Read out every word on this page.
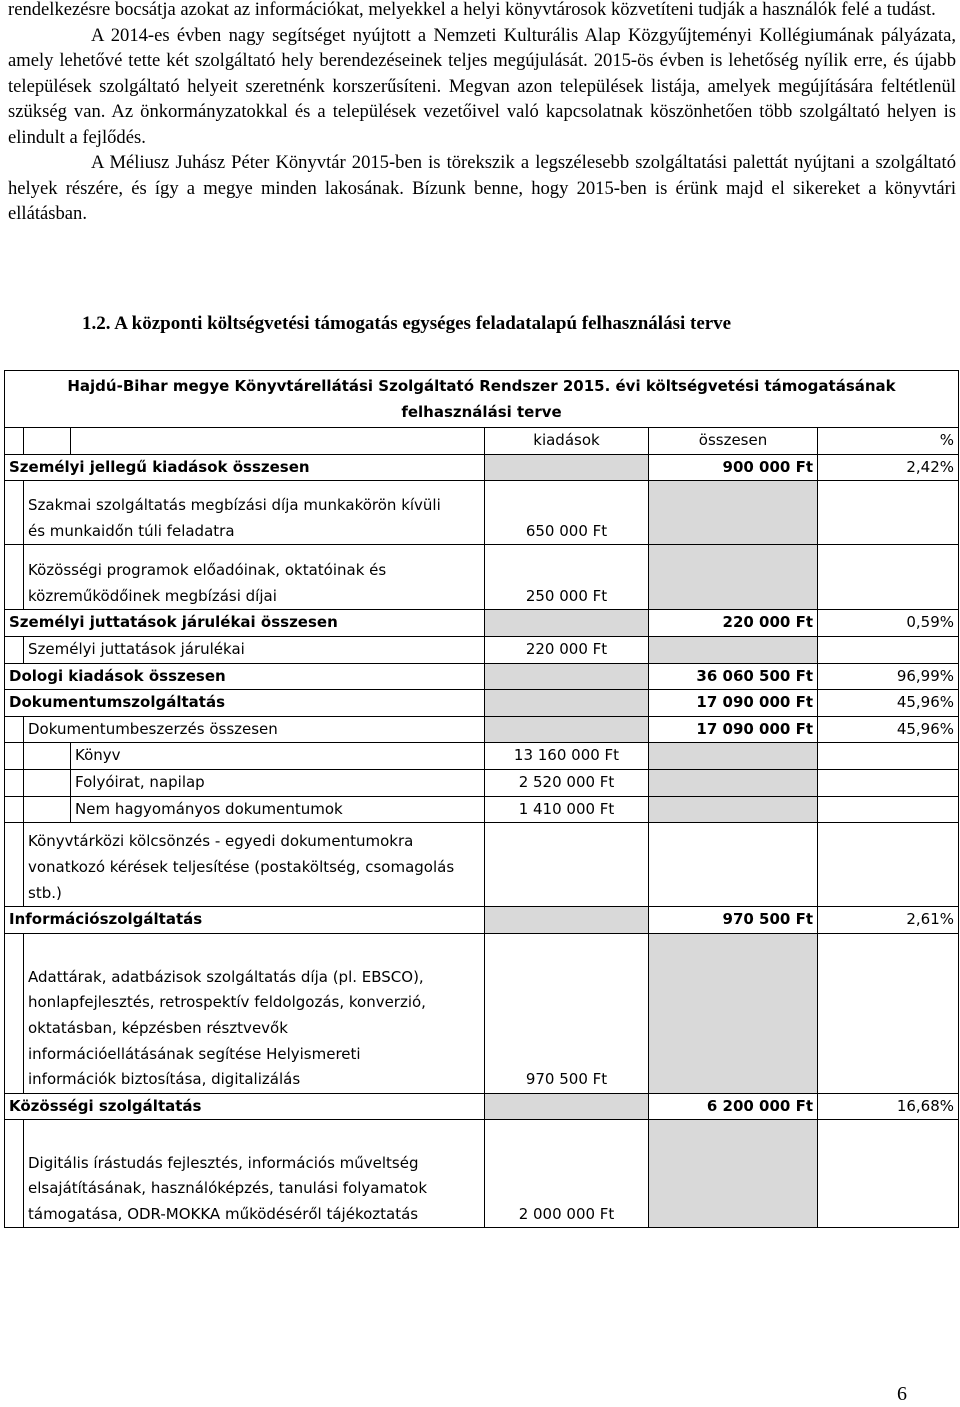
rendelkezésre bocsátja azokat az információkat, melyekkel a helyi könyvtárosok közvetíteni tudják a használók felé a tudást.

A 2014-es évben nagy segítséget nyújtott a Nemzeti Kulturális Alap Közgyűjteményi Kollégiumának pályázata, amely lehetővé tette két szolgáltató hely berendezéseinek teljes megújulását. 2015-ös évben is lehetőség nyílik erre, és újabb települések szolgáltató helyeit szeretnénk korszerűsíteni. Megvan azon települések listája, amelyek megújítására feltétlenül szükség van. Az önkormányzatokkal és a települések vezetőivel való kapcsolatnak köszönhetően több szolgáltató helyen is elindult a fejlődés.

A Méliusz Juhász Péter Könyvtár 2015-ben is törekszik a legszélesebb szolgáltatási palettát nyújtani a szolgáltató helyek részére, és így a megye minden lakosának. Bízunk benne, hogy 2015-ben is érünk majd el sikereket a könyvtári ellátásban.

1.2. A központi költségvetési támogatás egységes feladatalapú felhasználási terve
Hajdú-Bihar megye Könyvtárellátási Szolgáltató Rendszer 2015. évi költségvetési támogatásának
felhasználási terve					

			kiadások	összesen	%
Személyi jellegű kiadások összesen				900 000 Ft	2,42%

	Szakmai szolgáltatás megbízási díja munkakörön kívüli és munkaidőn túli feladatra		650 000 Ft		

	Közösségi programok előadóinak, oktatóinak és közreműködőinek megbízási díjai		250 000 Ft		
Személyi juttatások járulékai összesen				220 000 Ft	0,59%
	Személyi juttatások járulékai		220 000 Ft		
Dologi kiadások összesen				36 060 500 Ft	96,99%
Dokumentumszolgáltatás				17 090 000 Ft	45,96%
	Dokumentumbeszerzés összesen			17 090 000 Ft	45,96%
		Könyv	13 160 000 Ft		
		Folyóirat, napilap	2 520 000 Ft		
		Nem hagyományos dokumentumok	1 410 000 Ft		

	Könyvtárközi kölcsönzés - egyedi dokumentumokra vonatkozó kérések teljesítése (postaköltség, csomagolás stb.)				

Információszolgáltatás				970 500 Ft	2,61%

	Adattárak, adatbázisok szolgáltatás díja (pl. EBSCO), honlapfejlesztés, retrospektív feldolgozás, konverzió, oktatásban, képzésben résztvevők információellátásának segítése Helyismereti információk biztosítása, digitalizálás		970 500 Ft		
Közösségi szolgáltatás				6 200 000 Ft	16,68%

	Digitális írástudás fejlesztés, információs műveltség elsajátításának, használóképzés, tanulási folyamatok támogatása, ODR-MOKKA működéséről tájékoztatás		2 000 000 Ft		
6
